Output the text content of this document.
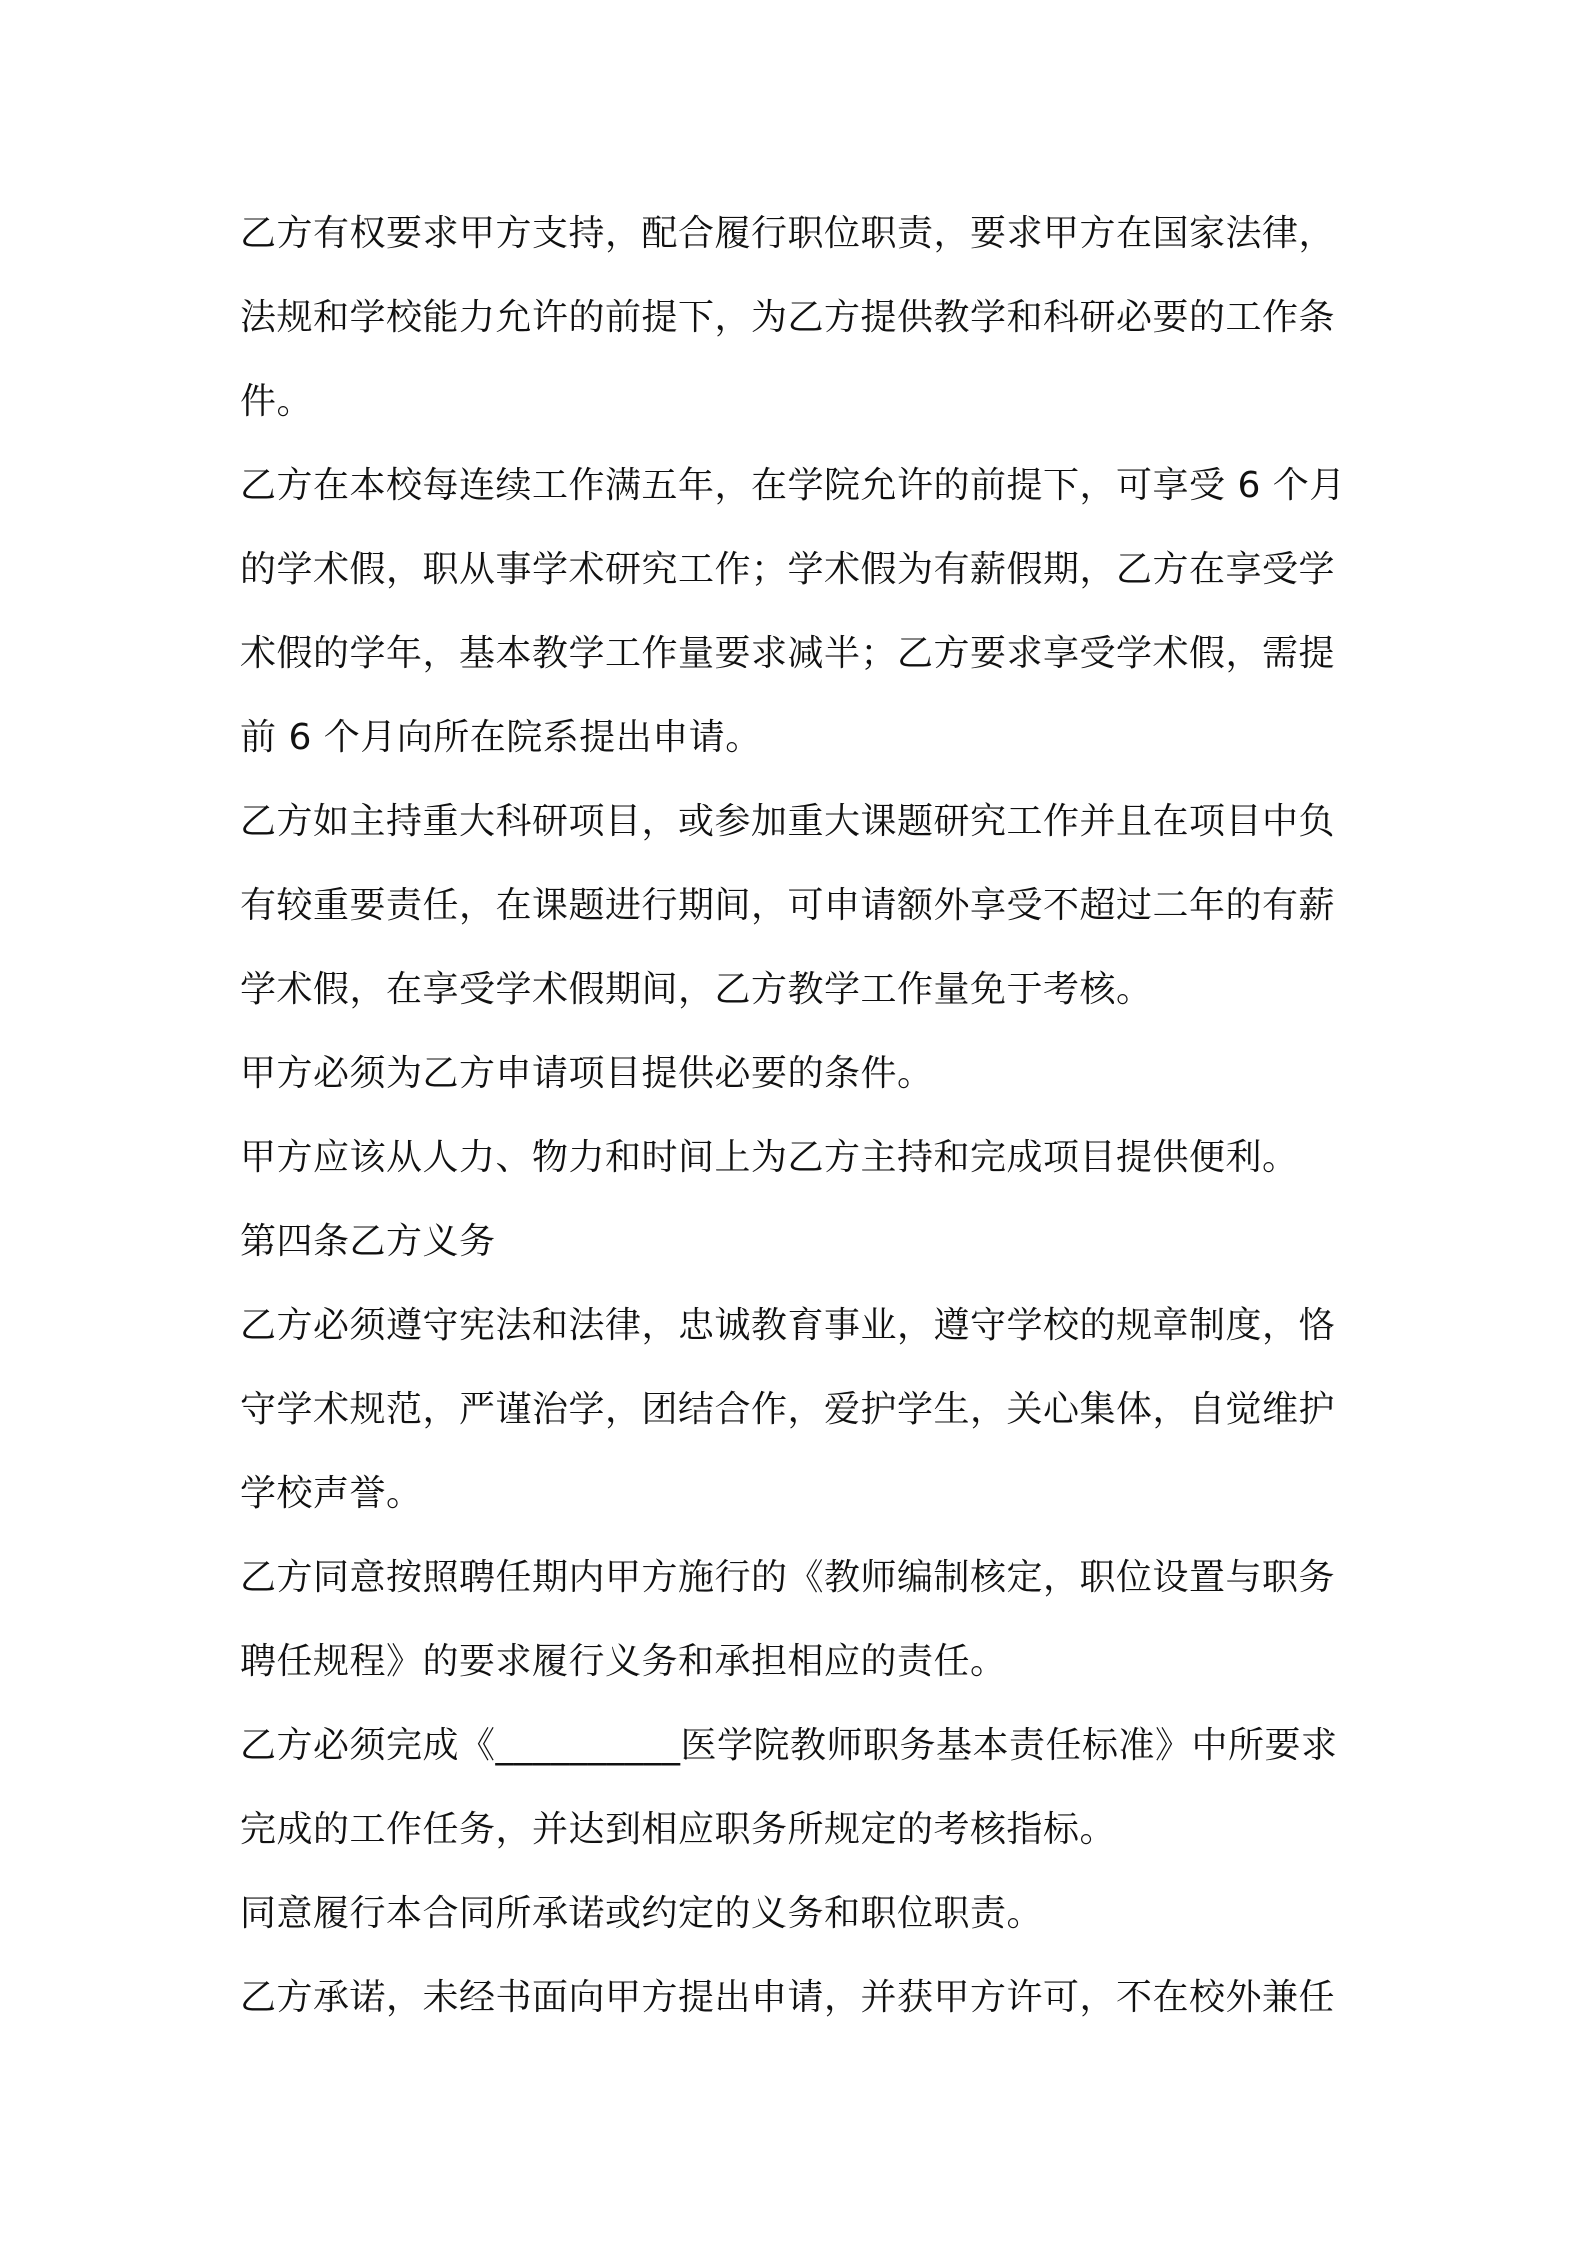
乙方有权要求甲方支持，配合履行职位职责，要求甲方在国家法律，

法规和学校能力允许的前提下，为乙方提供教学和科研必要的工作条

件。

乙方在本校每连续工作满五年，在学院允许的前提下，可享受 6 个月

的学术假，职从事学术研究工作；学术假为有薪假期，乙方在享受学

术假的学年，基本教学工作量要求减半；乙方要求享受学术假，需提

前 6 个月向所在院系提出申请。

乙方如主持重大科研项目，或参加重大课题研究工作并且在项目中负

有较重要责任，在课题进行期间，可申请额外享受不超过二年的有薪

学术假，在享受学术假期间，乙方教学工作量免于考核。

甲方必须为乙方申请项目提供必要的条件。

甲方应该从人力、物力和时间上为乙方主持和完成项目提供便利。

第四条乙方义务

乙方必须遵守宪法和法律，忠诚教育事业，遵守学校的规章制度，恪

守学术规范，严谨治学，团结合作，爱护学生，关心集体，自觉维护

学校声誉。

乙方同意按照聘任期内甲方施行的《教师编制核定，职位设置与职务

聘任规程》的要求履行义务和承担相应的责任。

乙方必须完成《__________医学院教师职务基本责任标准》中所要求

完成的工作任务，并达到相应职务所规定的考核指标。

同意履行本合同所承诺或约定的义务和职位职责。

乙方承诺，未经书面向甲方提出申请，并获甲方许可，不在校外兼任
